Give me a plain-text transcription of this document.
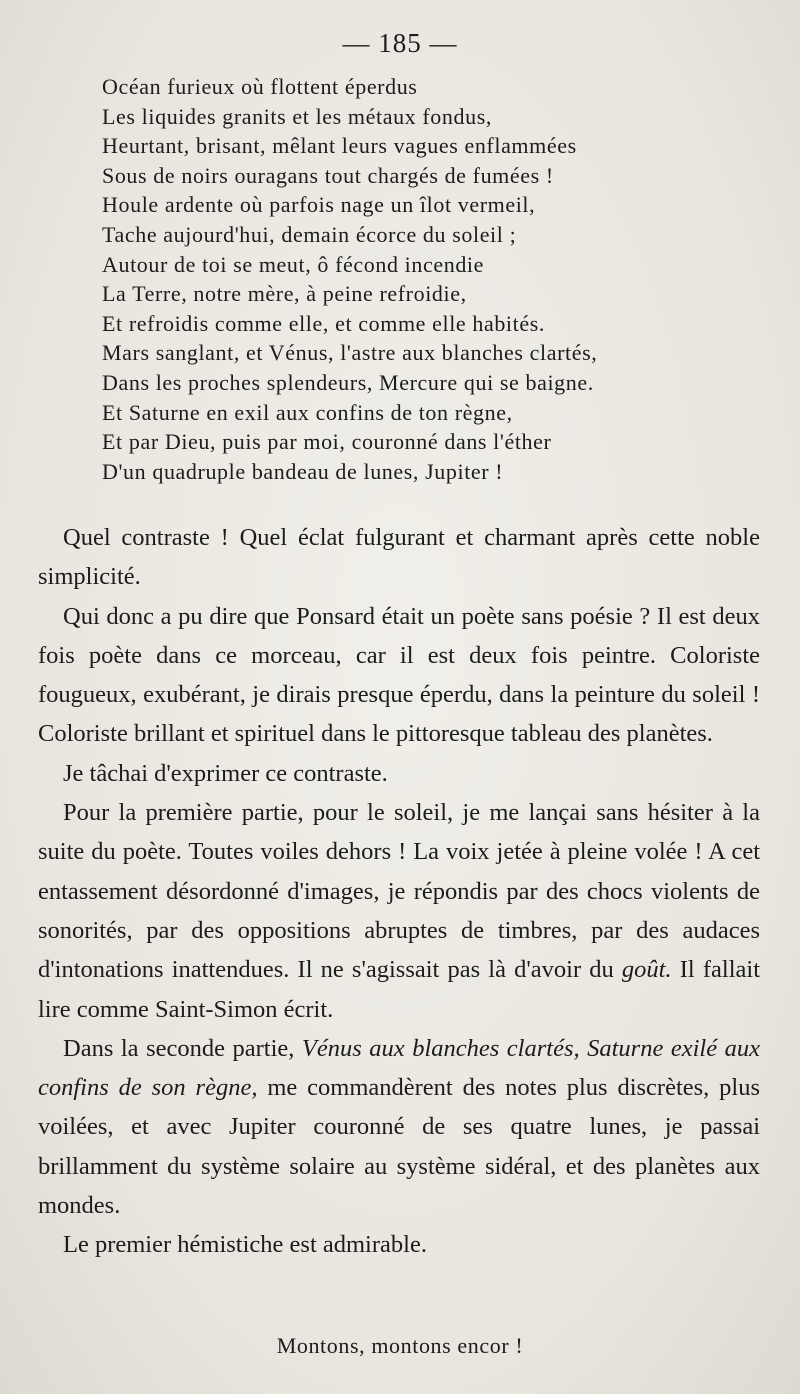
— 185 —
Océan furieux où flottent éperdus
Les liquides granits et les métaux fondus,
Heurtant, brisant, mêlant leurs vagues enflammées
Sous de noirs ouragans tout chargés de fumées !
Houle ardente où parfois nage un îlot vermeil,
Tache aujourd'hui, demain écorce du soleil ;
Autour de toi se meut, ô fécond incendie
La Terre, notre mère, à peine refroidie,
Et refroidis comme elle, et comme elle habités.
Mars sanglant, et Vénus, l'astre aux blanches clartés,
Dans les proches splendeurs, Mercure qui se baigne.
Et Saturne en exil aux confins de ton règne,
Et par Dieu, puis par moi, couronné dans l'éther
D'un quadruple bandeau de lunes, Jupiter !

Quel contraste ! Quel éclat fulgurant et charmant après cette noble simplicité.

Qui donc a pu dire que Ponsard était un poète sans poésie ? Il est deux fois poète dans ce morceau, car il est deux fois peintre. Coloriste fougueux, exubérant, je dirais presque éperdu, dans la peinture du soleil ! Coloriste brillant et spirituel dans le pittoresque tableau des planètes.

Je tâchai d'exprimer ce contraste.

Pour la première partie, pour le soleil, je me lançai sans hésiter à la suite du poète. Toutes voiles dehors ! La voix jetée à pleine volée ! A cet entassement désordonné d'images, je répondis par des chocs violents de sonorités, par des oppositions abruptes de timbres, par des audaces d'intonations inattendues. Il ne s'agissait pas là d'avoir du goût. Il fallait lire comme Saint-Simon écrit.

Dans la seconde partie, Vénus aux blanches clartés, Saturne exilé aux confins de son règne, me commandèrent des notes plus discrètes, plus voilées, et avec Jupiter couronné de ses quatre lunes, je passai brillamment du système solaire au système sidéral, et des planètes aux mondes.

Le premier hémistiche est admirable.

Montons, montons encor !
